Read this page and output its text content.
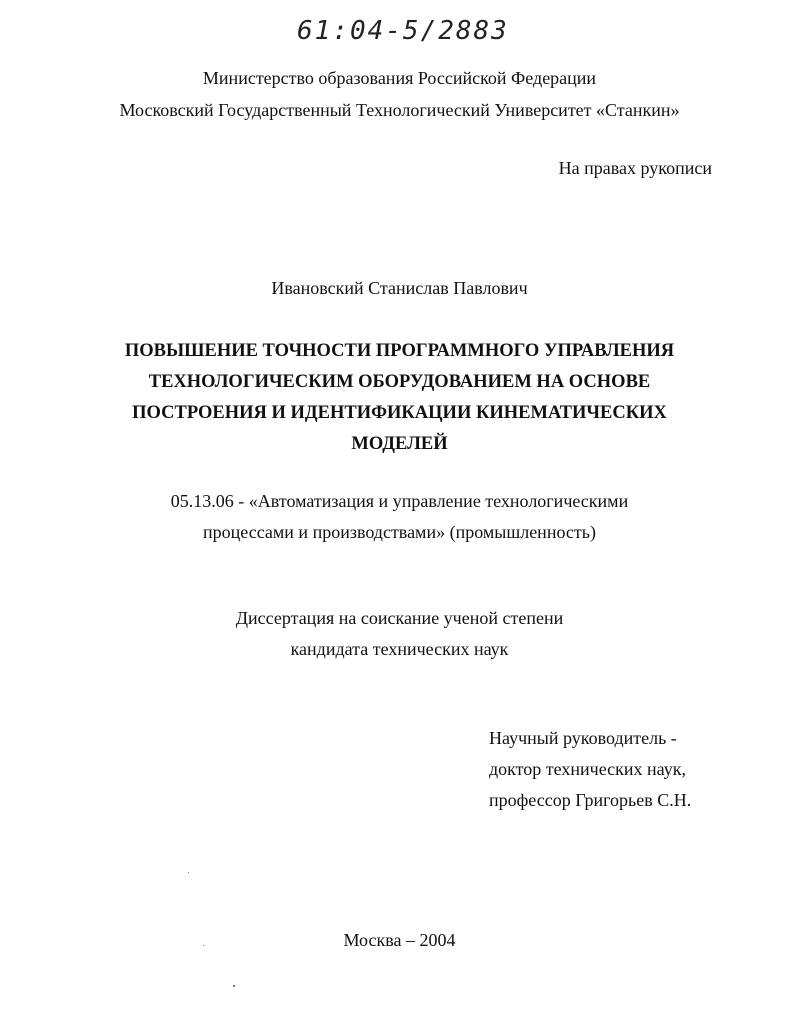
61:04-5/2883
Министерство образования Российской Федерации
Московский Государственный Технологический Университет «Станкин»
На правах рукописи
Ивановский Станислав Павлович
ПОВЫШЕНИЕ ТОЧНОСТИ ПРОГРАММНОГО УПРАВЛЕНИЯ
ТЕХНОЛОГИЧЕСКИМ ОБОРУДОВАНИЕМ НА ОСНОВЕ
ПОСТРОЕНИЯ И ИДЕНТИФИКАЦИИ КИНЕМАТИЧЕСКИХ
МОДЕЛЕЙ
05.13.06 - «Автоматизация и управление технологическими
процессами и производствами» (промышленность)
Диссертация на соискание ученой степени
кандидата технических наук
Научный руководитель -
доктор технических наук,
профессор Григорьев С.Н.
Москва – 2004
